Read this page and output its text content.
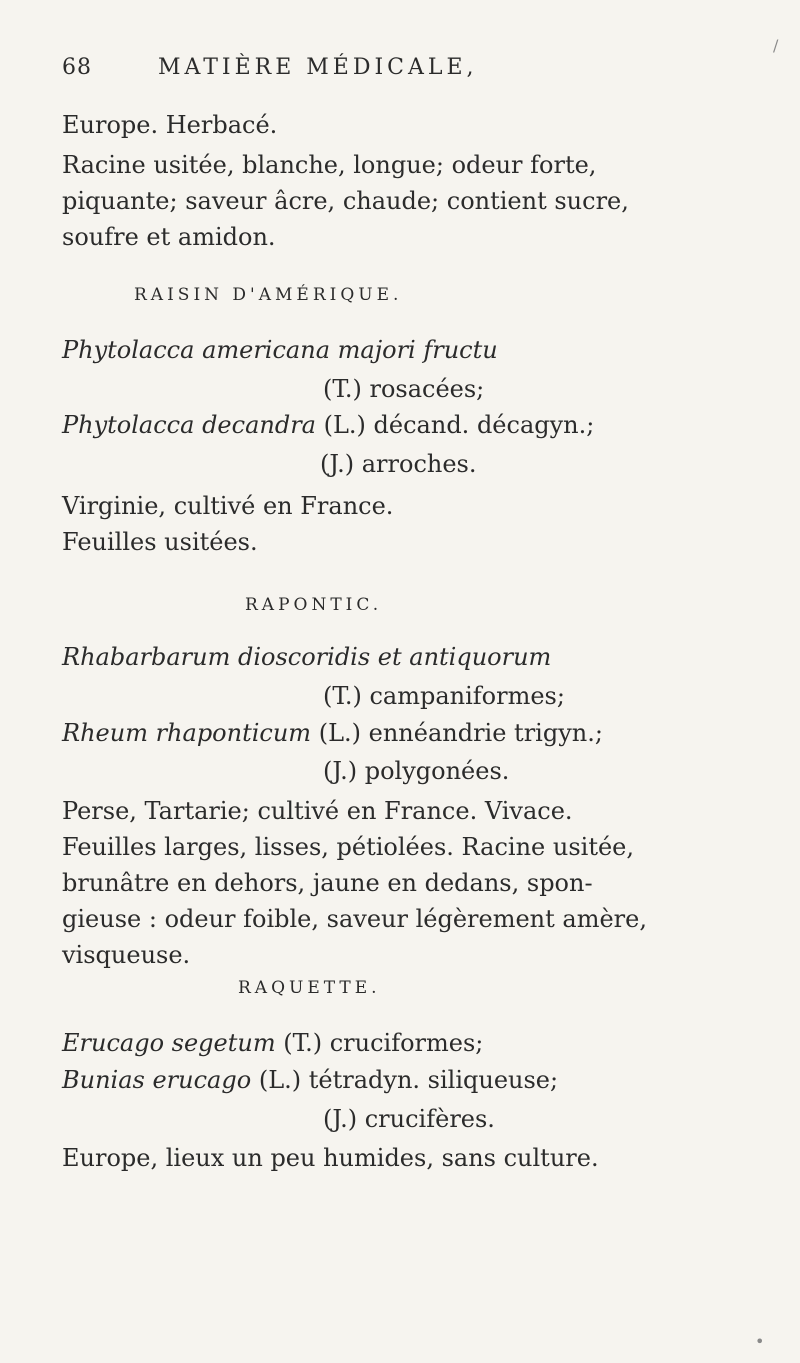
68	MATIÈRE MÉDICALE,
Europe. Herbacé.
Racine usitée, blanche, longue; odeur forte,
piquante; saveur âcre, chaude; contient sucre,
soufre et amidon.
RAISIN D'AMÉRIQUE.
Phytolacca americana majori fructu
(T.) rosacées;
Phytolacca decandra (L.) décand. décagyn.;
(J.) arroches.
Virginie, cultivé en France.
Feuilles usitées.
RAPONTIC.
Rhabarbarum dioscoridis et antiquorum
(T.) campaniformes;
Rheum rhaponticum (L.) ennéandrie trigyn.;
(J.) polygonées.
Perse, Tartarie; cultivé en France. Vivace.
Feuilles larges, lisses, pétiolées. Racine usitée,
brunâtre en dehors, jaune en dedans, spon-
gieuse : odeur foible, saveur légèrement amère,
visqueuse.
RAQUETTE.
Erucago segetum (T.) cruciformes;
Bunias erucago (L.) tétradyn. siliqueuse;
(J.) crucifères.
Europe, lieux un peu humides, sans culture.
/
•
